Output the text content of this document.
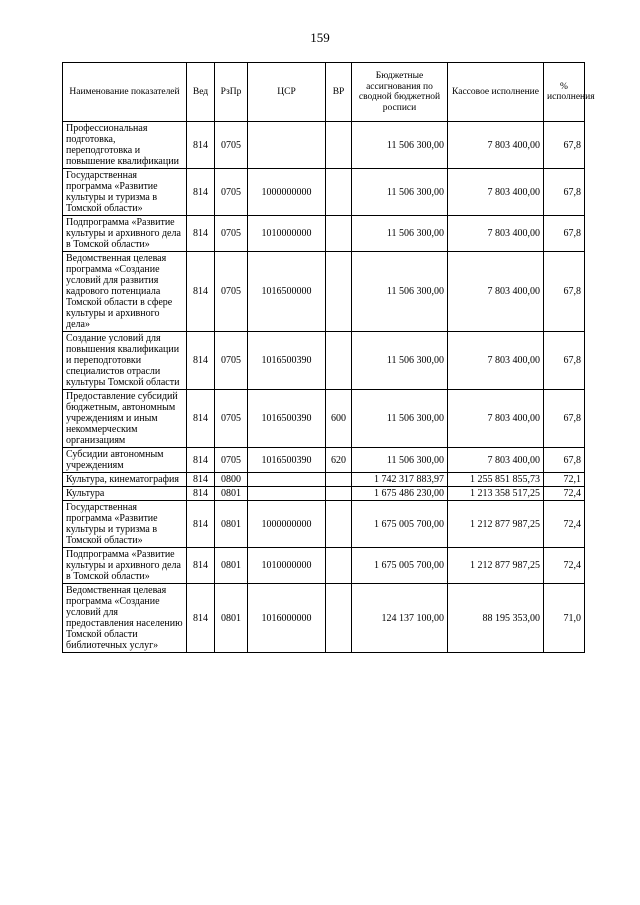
159
Наименование показателей	Вед	РзПр	ЦСР	ВР	Бюджетные ассигнования по сводной бюджетной росписи	Кассовое исполнение	% исполнения
Профессиональная подготовка, переподготовка и повышение квалификации	814	0705			11 506 300,00	7 803 400,00	67,8
Государственная программа «Развитие культуры и туризма в Томской области»	814	0705	1000000000		11 506 300,00	7 803 400,00	67,8
Подпрограмма «Развитие культуры и архивного дела в Томской области»	814	0705	1010000000		11 506 300,00	7 803 400,00	67,8
Ведомственная целевая программа «Создание условий для развития кадрового потенциала Томской области в сфере культуры и архивного дела»	814	0705	1016500000		11 506 300,00	7 803 400,00	67,8
Создание условий для повышения квалификации и переподготовки специалистов отрасли культуры Томской области	814	0705	1016500390		11 506 300,00	7 803 400,00	67,8
Предоставление субсидий бюджетным, автономным учреждениям и иным некоммерческим организациям	814	0705	1016500390	600	11 506 300,00	7 803 400,00	67,8
Субсидии автономным учреждениям	814	0705	1016500390	620	11 506 300,00	7 803 400,00	67,8
Культура, кинематография	814	0800			1 742 317 883,97	1 255 851 855,73	72,1
Культура	814	0801			1 675 486 230,00	1 213 358 517,25	72,4
Государственная программа «Развитие культуры и туризма в Томской области»	814	0801	1000000000		1 675 005 700,00	1 212 877 987,25	72,4
Подпрограмма «Развитие культуры и архивного дела в Томской области»	814	0801	1010000000		1 675 005 700,00	1 212 877 987,25	72,4
Ведомственная целевая программа «Создание условий для предоставления населению Томской области библиотечных услуг»	814	0801	1016000000		124 137 100,00	88 195 353,00	71,0
